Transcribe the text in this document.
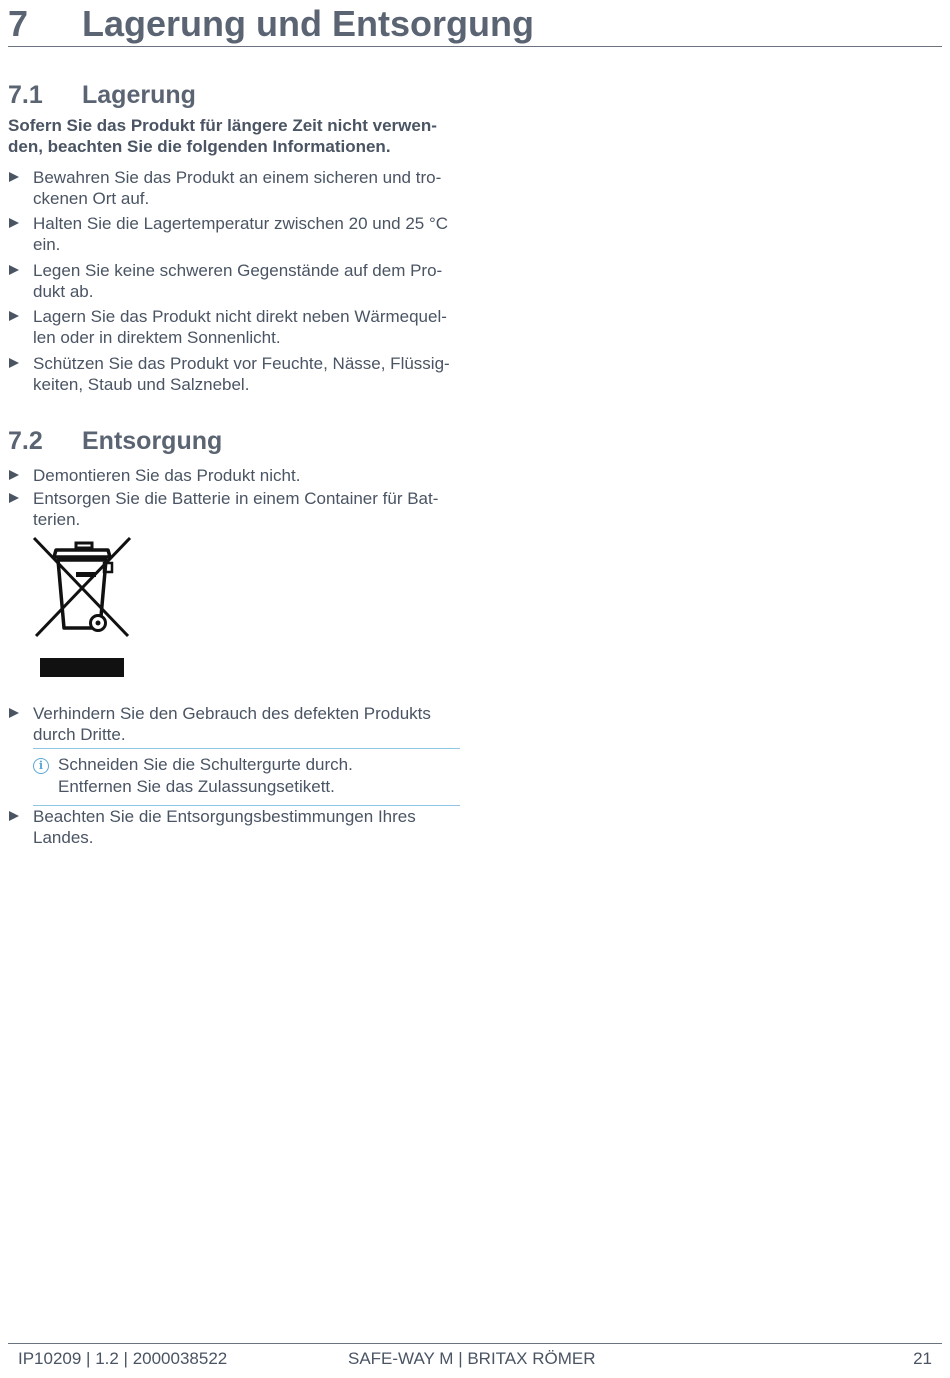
7 Lagerung und Entsorgung
7.1 Lagerung
Sofern Sie das Produkt für längere Zeit nicht verwen-
den, beachten Sie die folgenden Informationen.
Bewahren Sie das Produkt an einem sicheren und tro-
ckenen Ort auf.
Halten Sie die Lagertemperatur zwischen 20 und 25 °C
ein.
Legen Sie keine schweren Gegenstände auf dem Pro-
dukt ab.
Lagern Sie das Produkt nicht direkt neben Wärmequel-
len oder in direktem Sonnenlicht.
Schützen Sie das Produkt vor Feuchte, Nässe, Flüssig-
keiten, Staub und Salznebel.
7.2 Entsorgung
Demontieren Sie das Produkt nicht.
Entsorgen Sie die Batterie in einem Container für Bat-
terien.
Verhindern Sie den Gebrauch des defekten Produkts
durch Dritte.
i Schneiden Sie die Schultergurte durch.
Entfernen Sie das Zulassungsetikett.
Beachten Sie die Entsorgungsbestimmungen Ihres
Landes.
IP10209 | 1.2 | 2000038522	SAFE-WAY M | BRITAX RÖMER	21
